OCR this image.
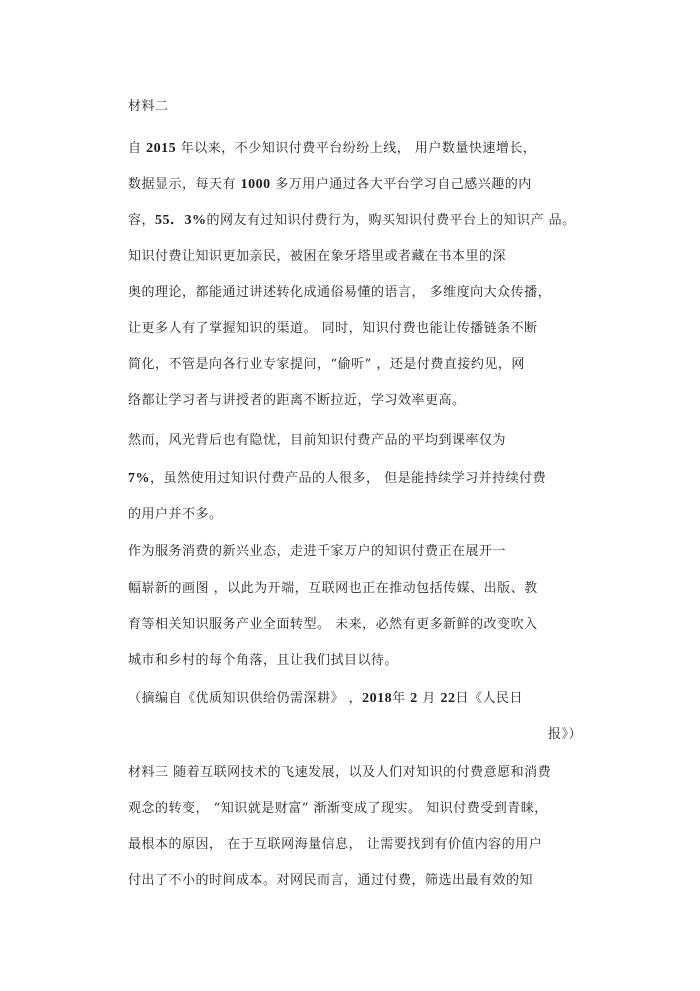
材料二
自 2015 年以来，不少知识付费平台纷纷上线， 用户数量快速增长，
数据显示，每天有 1000 多万用户通过各大平台学习自己感兴趣的内
容，55．3%的网友有过知识付费行为，购买知识付费平台上的知识产 品。
知识付费让知识更加亲民，被困在象牙塔里或者藏在书本里的深
奥的理论，都能通过讲述转化成通俗易懂的语言， 多维度向大众传播，
让更多人有了掌握知识的渠道。 同时，知识付费也能让传播链条不断
简化，不管是向各行业专家提问，“偷听” ，还是付费直接约见，网
络都让学习者与讲授者的距离不断拉近，学习效率更高。
然而，风光背后也有隐忧，目前知识付费产品的平均到课率仅为
7%，虽然使用过知识付费产品的人很多， 但是能持续学习并持续付费
的用户并不多。
作为服务消费的新兴业态，走进千家万户的知识付费正在展开一
幅崭新的画图 ，以此为开端，互联网也正在推动包括传媒、出版、教
育等相关知识服务产业全面转型。 未来，必然有更多新鲜的改变吹入
城市和乡村的每个角落，且让我们拭目以待。
（摘编自《优质知识供给仍需深耕》 ，2018年 2 月 22日《人民日
报》）
材料三 随着互联网技术的飞速发展，以及人们对知识的付费意愿和消费
观念的转变， “知识就是财富” 渐渐变成了现实。 知识付费受到青睐，
最根本的原因， 在于互联网海量信息， 让需要找到有价值内容的用户
付出了不小的时间成本。对网民而言，通过付费，筛选出最有效的知
